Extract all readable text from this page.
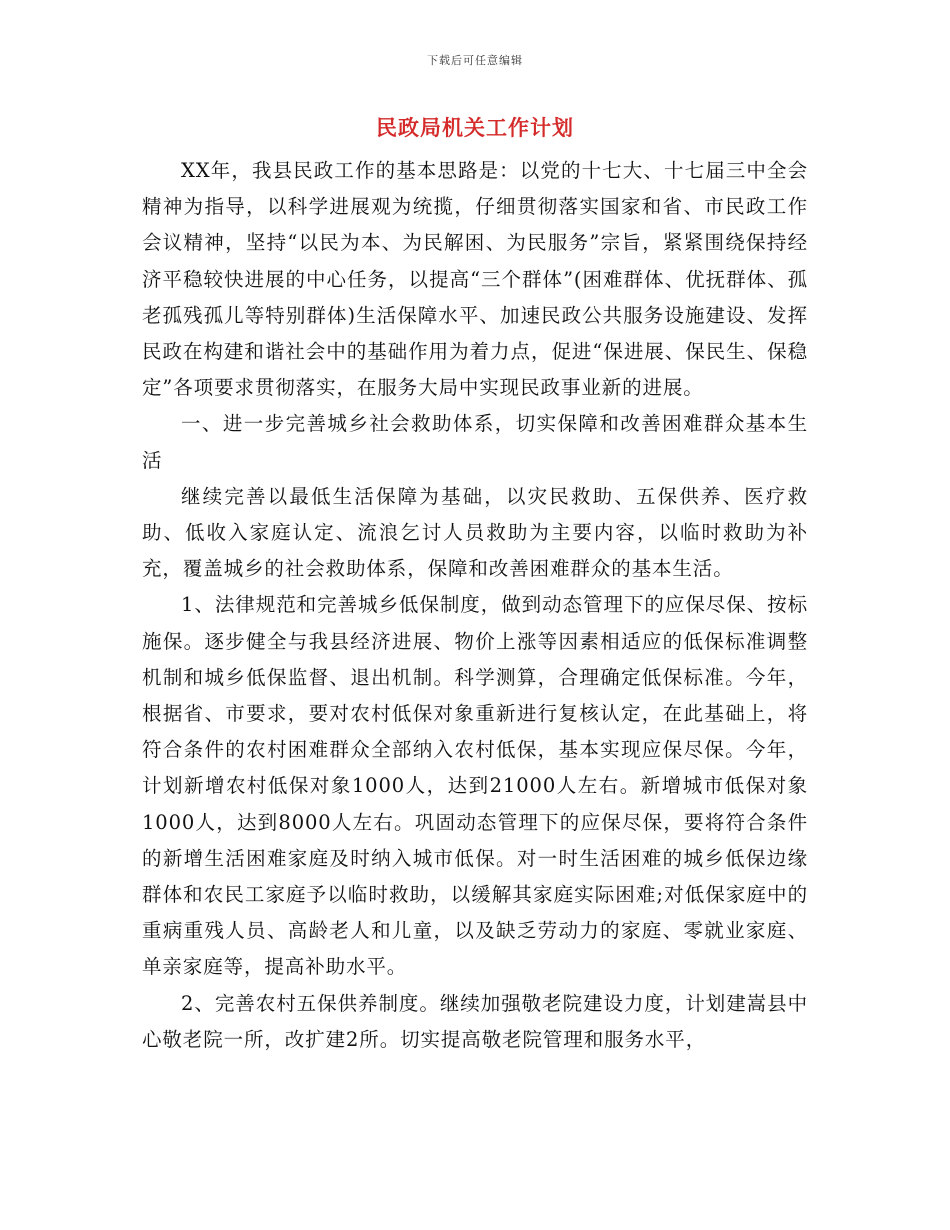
下载后可任意编辑
民政局机关工作计划

XX年，我县民政工作的基本思路是：以党的十七大、十七届三中全会精神为指导，以科学进展观为统揽，仔细贯彻落实国家和省、市民政工作会议精神，坚持“以民为本、为民解困、为民服务”宗旨，紧紧围绕保持经济平稳较快进展的中心任务，以提高“三个群体”(困难群体、优抚群体、孤老孤残孤儿等特别群体)生活保障水平、加速民政公共服务设施建设、发挥民政在构建和谐社会中的基础作用为着力点，促进“保进展、保民生、保稳定”各项要求贯彻落实，在服务大局中实现民政事业新的进展。

一、进一步完善城乡社会救助体系，切实保障和改善困难群众基本生活

继续完善以最低生活保障为基础，以灾民救助、五保供养、医疗救助、低收入家庭认定、流浪乞讨人员救助为主要内容，以临时救助为补充，覆盖城乡的社会救助体系，保障和改善困难群众的基本生活。

1、法律规范和完善城乡低保制度，做到动态管理下的应保尽保、按标施保。逐步健全与我县经济进展、物价上涨等因素相适应的低保标准调整机制和城乡低保监督、退出机制。科学测算，合理确定低保标准。今年，根据省、市要求，要对农村低保对象重新进行复核认定，在此基础上，将符合条件的农村困难群众全部纳入农村低保，基本实现应保尽保。今年，计划新增农村低保对象1000人，达到21000人左右。新增城市低保对象1000人，达到8000人左右。巩固动态管理下的应保尽保，要将符合条件的新增生活困难家庭及时纳入城市低保。对一时生活困难的城乡低保边缘群体和农民工家庭予以临时救助，以缓解其家庭实际困难;对低保家庭中的重病重残人员、高龄老人和儿童，以及缺乏劳动力的家庭、零就业家庭、单亲家庭等，提高补助水平。

2、完善农村五保供养制度。继续加强敬老院建设力度，计划建嵩县中心敬老院一所，改扩建2所。切实提高敬老院管理和服务水平，
